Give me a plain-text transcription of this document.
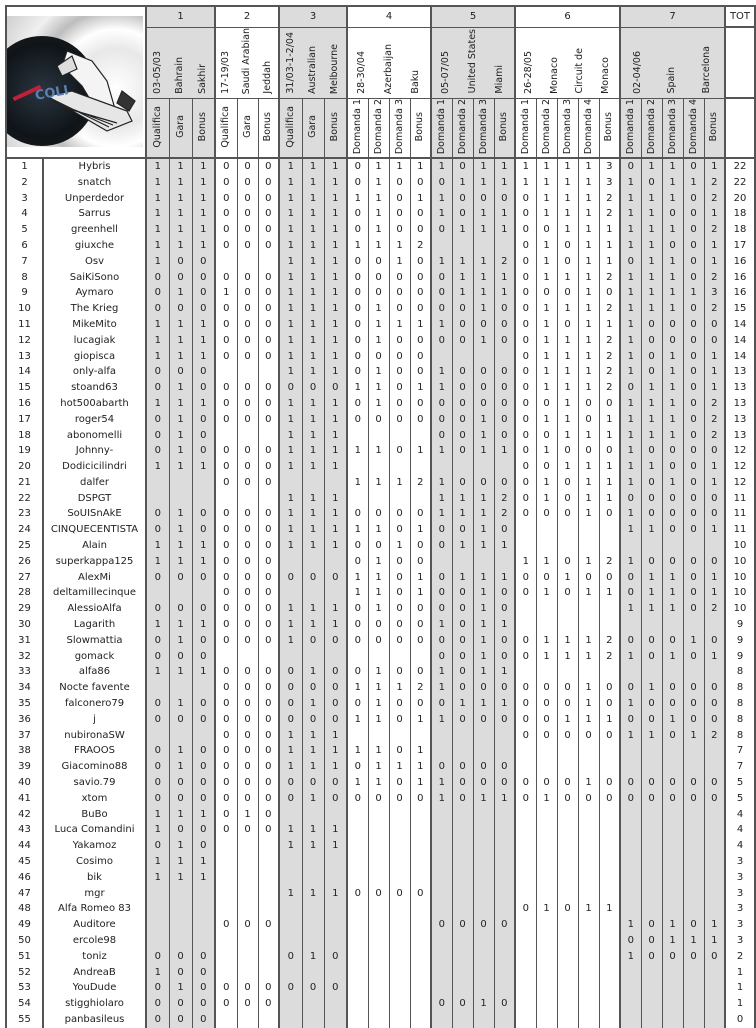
COLI		1			2			3			4				5				6					7					TOT

		03-05/03 Bahrain Sakhir			17-19/03 Saudi Arabian Jeddah			31/03-1-2/04 Australian Melbourne			28-30/04 Azerbaijan Baku				05-07/05 United States Miami				26-28/05 Monaco Circuit de Monaco					02-04/06 Spain Barcelona					

		Qualifica	Gara	Bonus	Qualifica	Gara	Bonus	Qualifica	Gara	Bonus	Domanda 1	Domanda 2	Domanda 3	Bonus	Domanda 1	Domanda 2	Domanda 3	Bonus	Domanda 1	Domanda 2	Domanda 3	Domanda 4	Bonus	Domanda 1	Domanda 2	Domanda 3	Domanda 4	Bonus	
1	Hybris	1	1	1	0	0	0	1	1	1	0	1	1	1	1	0	1	1	1	1	1	1	3	0	1	1	0	1	22
2	snatch	1	1	1	0	0	0	1	1	1	0	1	0	0	0	1	1	1	1	1	1	1	3	1	0	1	1	2	22
3	Unperdedor	1	1	1	0	0	0	1	1	1	1	1	0	1	1	0	0	0	0	1	1	1	2	1	1	1	0	2	20
4	Sarrus	1	1	1	0	0	0	1	1	1	0	1	0	0	1	0	1	1	0	1	1	1	2	1	1	0	0	1	18
5	greenhell	1	1	1	0	0	0	1	1	1	0	1	0	0	0	1	1	1	0	0	1	1	1	1	1	1	0	2	18
6	giuxche	1	1	1	0	0	0	1	1	1	1	1	1	2					0	1	0	1	1	1	1	0	0	1	17
7	Osv	1	0	0				1	1	1	0	0	1	0	1	1	1	2	0	1	0	1	1	0	1	1	0	1	16
8	SaiKiSono	0	0	0	0	0	0	1	1	1	0	0	0	0	0	1	1	1	0	1	1	1	2	1	1	1	0	2	16
9	Aymaro	0	1	0	1	0	0	1	1	1	0	0	0	0	0	1	1	1	0	0	0	1	0	1	1	1	1	3	16
10	The Krieg	0	0	0	0	0	0	1	1	1	0	1	0	0	0	0	1	0	0	1	1	1	2	1	1	1	0	2	15
11	MikeMito	1	1	1	0	0	0	1	1	1	0	1	1	1	1	0	0	0	0	1	0	1	1	1	0	0	0	0	14
12	lucagiak	1	1	1	0	0	0	1	1	1	0	1	0	0	0	0	1	0	0	1	1	1	2	1	0	0	0	0	14
13	giopisca	1	1	1	0	0	0	1	1	1	0	0	0	0					0	1	1	1	2	1	0	1	0	1	14
14	only-alfa	0	0	0				1	1	1	0	1	0	0	1	0	0	0	0	1	1	1	2	1	0	1	0	1	13
15	stoand63	0	1	0	0	0	0	0	0	0	1	1	0	1	1	0	0	0	0	1	1	1	2	0	1	1	0	1	13
16	hot500abarth	1	1	1	0	0	0	1	1	1	0	1	0	0	0	0	0	0	0	0	1	0	0	1	1	1	0	2	13
17	roger54	0	1	0	0	0	0	1	1	1	0	0	0	0	0	0	1	0	0	1	1	0	1	1	1	1	0	2	13
18	abonomelli	0	1	0				1	1	1					0	0	1	0	0	0	1	1	1	1	1	1	0	2	13
19	Johnny-	0	1	0	0	0	0	1	1	1	1	1	0	1	1	0	1	1	0	1	0	0	0	1	0	0	0	0	12
20	Dodicicilindri	1	1	1	0	0	0	1	1	1									0	0	1	1	1	1	1	0	0	1	12
21	dalfer				0	0	0				1	1	1	2	1	0	0	0	0	1	0	1	1	1	0	1	0	1	12
22	DSPGT							1	1	1					1	1	1	2	0	1	0	1	1	0	0	0	0	0	11
23	SoUISnAkE	0	1	0	0	0	0	1	1	1	0	0	0	0	1	1	1	2	0	0	0	1	0	1	0	0	0	0	11
24	CINQUECENTISTA	0	1	0	0	0	0	1	1	1	1	1	0	1	0	0	1	0						1	1	0	0	1	11
25	Alain	1	1	1	0	0	0	1	1	1	0	0	1	0	0	1	1	1											10
26	superkappa125	1	1	1	0	0	0				0	1	0	0					1	1	0	1	2	1	0	0	0	0	10
27	AlexMi	0	0	0	0	0	0	0	0	0	1	1	0	1	0	1	1	1	0	0	1	0	0	0	1	1	0	1	10
28	deltamillecinque				0	0	0				1	1	0	1	0	0	1	0	0	1	0	1	1	0	1	1	0	1	10
29	AlessioAlfa	0	0	0	0	0	0	1	1	1	0	1	0	0	0	0	1	0						1	1	1	0	2	10
30	Lagarith	1	1	1	0	0	0	1	1	1	0	0	0	0	1	0	1	1											9
31	Slowmattia	0	1	0	0	0	0	1	0	0	0	0	0	0	0	0	1	0	0	1	1	1	2	0	0	0	1	0	9
32	gomack	0	0	0											0	0	1	0	0	1	1	1	2	1	0	1	0	1	9
33	alfa86	1	1	1	0	0	0	0	1	0	0	1	0	0	1	0	1	1											8
34	Nocte favente				0	0	0	0	0	0	1	1	1	2	1	0	0	0	0	0	0	1	0	0	1	0	0	0	8
35	falconero79	0	1	0	0	0	0	0	1	0	0	1	0	0	0	1	1	1	0	0	0	1	0	1	0	0	0	0	8
36	j	0	0	0	0	0	0	0	0	0	1	1	0	1	1	0	0	0	0	0	1	1	1	0	0	1	0	0	8
37	nubironaSW				0	0	0	1	1	1									0	0	0	0	0	1	1	0	1	2	8
38	FRAOOS	0	1	0	0	0	0	1	1	1	1	1	0	1															7
39	Giacomino88	0	1	0	0	0	0	1	1	1	0	1	1	1	0	0	0	0											7
40	savio.79	0	0	0	0	0	0	0	0	0	1	1	0	1	1	0	0	0	0	0	0	1	0	0	0	0	0	0	5
41	xtom	0	0	0	0	0	0	0	1	0	0	0	0	0	1	0	1	1	0	1	0	0	0	0	0	0	0	0	5
42	BuBo	1	1	1	0	1	0																						4
43	Luca Comandini	1	0	0	0	0	0	1	1	1																			4
44	Yakamoz	0	1	0				1	1	1																			4
45	Cosimo	1	1	1																									3
46	bik	1	1	1																									3
47	mgr							1	1	1	0	0	0	0															3
48	Alfa Romeo 83																		0	1	0	1	1						3
49	Auditore				0	0	0								0	0	0	0						1	0	1	0	1	3
50	ercole98																							0	0	1	1	1	3
51	toniz	0	0	0				0	1	0														1	0	0	0	0	2
52	AndreaB	1	0	0																									1
53	YouDude	0	1	0	0	0	0	0	0	0																			1
54	stigghiolaro	0	0	0	0	0	0								0	0	1	0											1
55	panbasileus	0	0	0																									0
